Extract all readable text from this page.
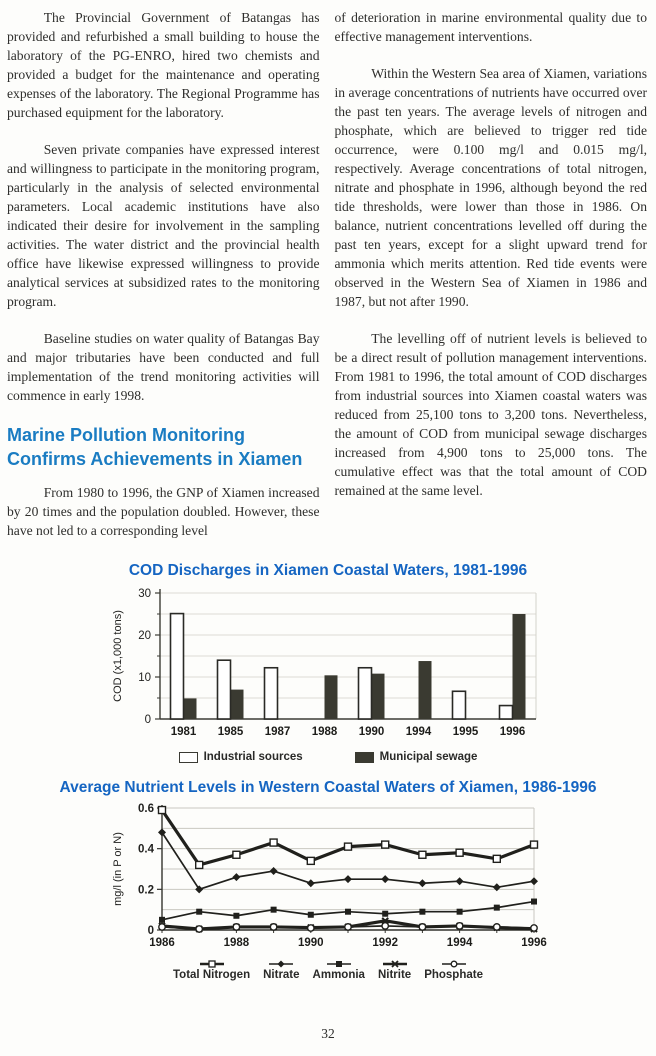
The Provincial Government of Batangas has provided and refurbished a small building to house the laboratory of the PG-ENRO, hired two chemists and provided a budget for the maintenance and operating expenses of the laboratory. The Regional Programme has purchased equipment for the laboratory.

Seven private companies have expressed interest and willingness to participate in the monitoring program, particularly in the analysis of selected environmental parameters. Local academic institutions have also indicated their desire for involvement in the sampling activities. The water district and the provincial health office have likewise expressed willingness to provide analytical services at subsidized rates to the monitoring program.

Baseline studies on water quality of Batangas Bay and major tributaries have been conducted and full implementation of the trend monitoring activities will commence in early 1998.

Marine Pollution Monitoring Confirms Achievements in Xiamen

From 1980 to 1996, the GNP of Xiamen increased by 20 times and the population doubled. However, these have not led to a corresponding level

of deterioration in marine environmental quality due to effective management interventions.

Within the Western Sea area of Xiamen, variations in average concentrations of nutrients have occurred over the past ten years. The average levels of nitrogen and phosphate, which are believed to trigger red tide occurrence, were 0.100 mg/l and 0.015 mg/l, respectively. Average concentrations of total nitrogen, nitrate and phosphate in 1996, although beyond the red tide thresholds, were lower than those in 1986. On balance, nutrient concentrations levelled off during the past ten years, except for a slight upward trend for ammonia which merits attention. Red tide events were observed in the Western Sea of Xiamen in 1986 and 1987, but not after 1990.

The levelling off of nutrient levels is believed to be a direct result of pollution management interventions. From 1981 to 1996, the total amount of COD discharges from industrial sources into Xiamen coastal waters was reduced from 25,100 tons to 3,200 tons. Nevertheless, the amount of COD from municipal sewage discharges increased from 4,900 tons to 25,000 tons. The cumulative effect was that the total amount of COD remained at the same level.

COD Discharges in Xiamen Coastal Waters, 1981-1996
0
10
20
30
1981 1985 1987 1988 1990 1994 1995 1996
COD (x1,000 tons)
Industrial sources	Municipal sewage
Average Nutrient Levels in Western Coastal Waters of Xiamen, 1986-1996
0
0.2
0.4
0.6
1986	1988	1990	1992	1994	1996
mg/l (in P or N)
Total Nitrogen Nitrate Ammonia Nitrite Phosphate
32
